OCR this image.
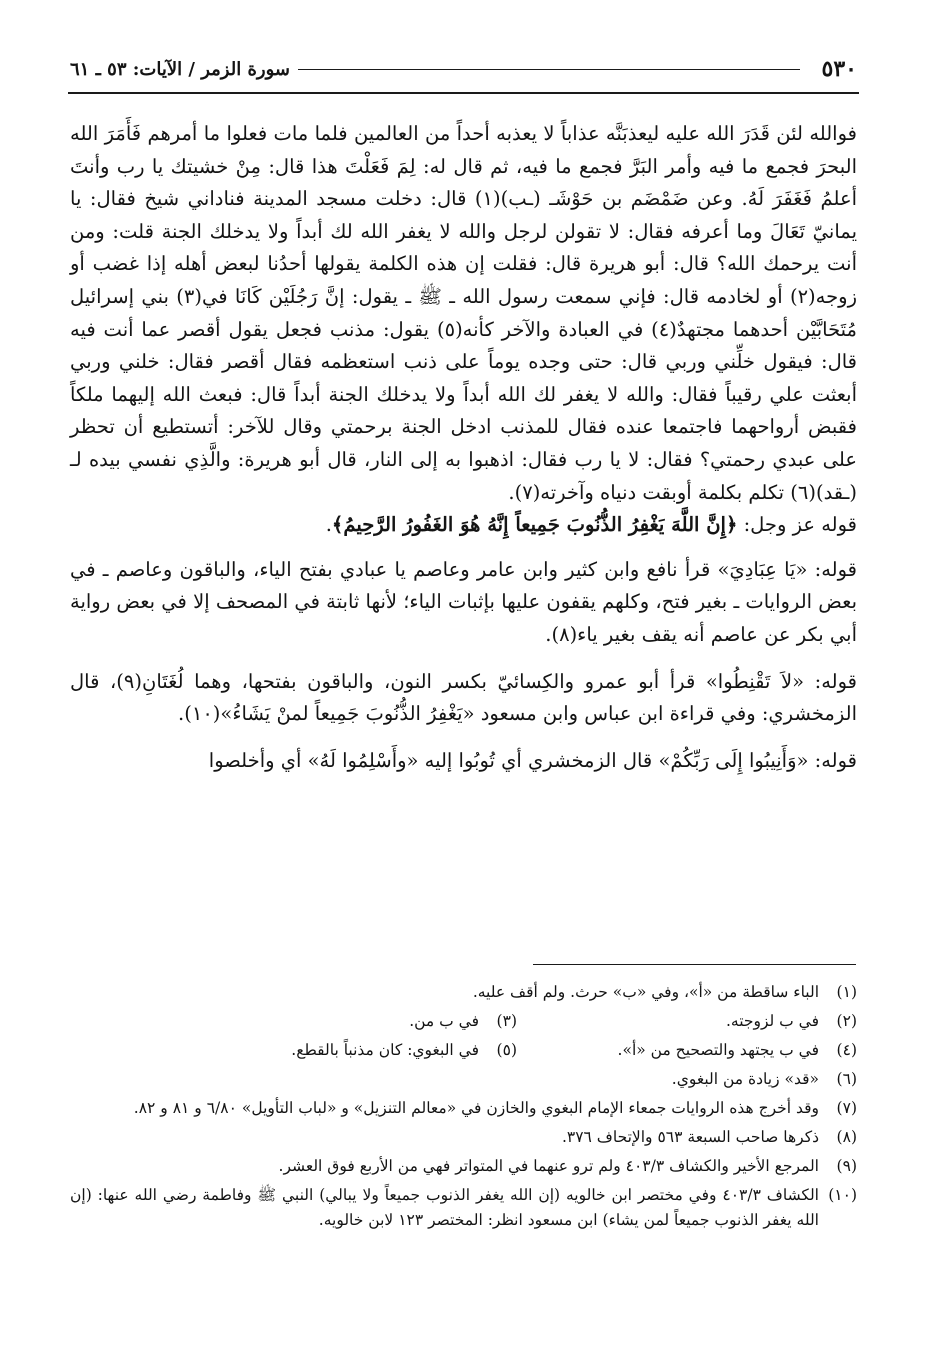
٥٣٠
سورة الزمر / الآيات: ٥٣ ـ ٦١

فوالله لئن قَدَرَ الله عليه ليعذبَنَّه عذاباً لا يعذبه أحداً من العالمين فلما مات فعلوا ما أمرهم فَأَمَرَ الله البحرَ فجمع ما فيه وأمر البَرَّ فجمع ما فيه، ثم قال له: لِمَ فَعَلْتَ هذا قال: مِنْ خشيتك يا رب وأنتَ أعلمُ فَغَفَرَ لَهُ. وعن ضَمْضَم بن حَوْشَـ (ـب)(١) قال: دخلت مسجد المدينة فناداني شيخ فقال: يا يمانيّ تَعَالَ وما أعرفه فقال: لا تقولن لرجل والله لا يغفر الله لك أبداً ولا يدخلك الجنة قلت: ومن أنت يرحمك الله؟ قال: أبو هريرة قال: فقلت إن هذه الكلمة يقولها أحدُنا لبعض أهله إذا غضب أو زوجه(٢) أو لخادمه قال: فإني سمعت رسول الله ـ ﷺ ـ يقول: إنَّ رَجُلَيْن كَانَا في(٣) بني إسرائيل مُتَحَابَّيْن أحدهما مجتهدٌ(٤) في العبادة والآخر كأنه(٥) يقول: مذنب فجعل يقول أقصر عما أنت فيه قال: فيقول خلِّني وربي قال: حتى وجده يوماً على ذنب استعظمه فقال أقصر فقال: خلني وربي أبعثت علي رقيباً فقال: والله لا يغفر لك الله أبداً ولا يدخلك الجنة أبداً قال: فبعث الله إليهما ملكاً فقبض أرواحهما فاجتمعا عنده فقال للمذنب ادخل الجنة برحمتي وقال للآخر: أتستطيع أن تحظر على عبدي رحمتي؟ فقال: لا يا رب فقال: اذهبوا به إلى النار، قال أبو هريرة: والَّذِي نفسي بيده لـ (ـقد)(٦) تكلم بكلمة أوبقت دنياه وآخرته(٧).
قوله عز وجل: ﴿إِنَّ اللَّهَ يَغْفِرُ الذُّنُوبَ جَمِيعاً إِنَّهُ هُوَ الغَفُورُ الرَّحِيمُ﴾.

قوله: «يَا عِبَادِيَ» قرأ نافع وابن كثير وابن عامر وعاصم يا عبادي بفتح الياء، والباقون وعاصم ـ في بعض الروايات ـ بغير فتح، وكلهم يقفون عليها بإثبات الياء؛ لأنها ثابتة في المصحف إلا في بعض رواية أبي بكر عن عاصم أنه يقف بغير ياء(٨).

قوله: «لاَ تَقْنِطُوا» قرأ أبو عمرو والكِسائيّ بكسر النون، والباقون بفتحها، وهما لُغَتَانِ(٩)، قال الزمخشري: وفي قراءة ابن عباس وابن مسعود «يَغْفِرُ الذُّنُوبَ جَمِيعاً لمنْ يَشَاءُ»(١٠).

قوله: «وَأَنِيبُوا إِلَى رَبِّكُمْ» قال الزمخشري أي تُوبُوا إليه «وأَسْلِمُوا لَهُ» أي وأخلصوا

(١)
الباء ساقطة من «أ»، وفي «ب» حرث. ولم أقف عليه.
(٢)
في ب لزوجته.
(٣)
في ب من.
(٤)
في ب يجتهد والتصحيح من «أ».
(٥)
في البغوي: كان مذنباً بالقطع.
(٦)
«قد» زيادة من البغوي.
(٧)
وقد أخرج هذه الروايات جمعاء الإمام البغوي والخازن في «معالم التنزيل» و «لباب التأويل» ٦/٨٠ و ٨١ و ٨٢.
(٨)
ذكرها صاحب السبعة ٥٦٣ والإتحاف ٣٧٦.
(٩)
المرجع الأخير والكشاف ٤٠٣/٣ ولم ترو عنهما في المتواتر فهي من الأربع فوق العشر.
(١٠)
الكشاف ٤٠٣/٣ وفي مختصر ابن خالويه (إن الله يغفر الذنوب جميعاً ولا يبالي) النبي ﷺ وفاطمة رضي الله عنها: (إن الله يغفر الذنوب جميعاً لمن يشاء) ابن مسعود انظر: المختصر ١٢٣ لابن خالويه.
